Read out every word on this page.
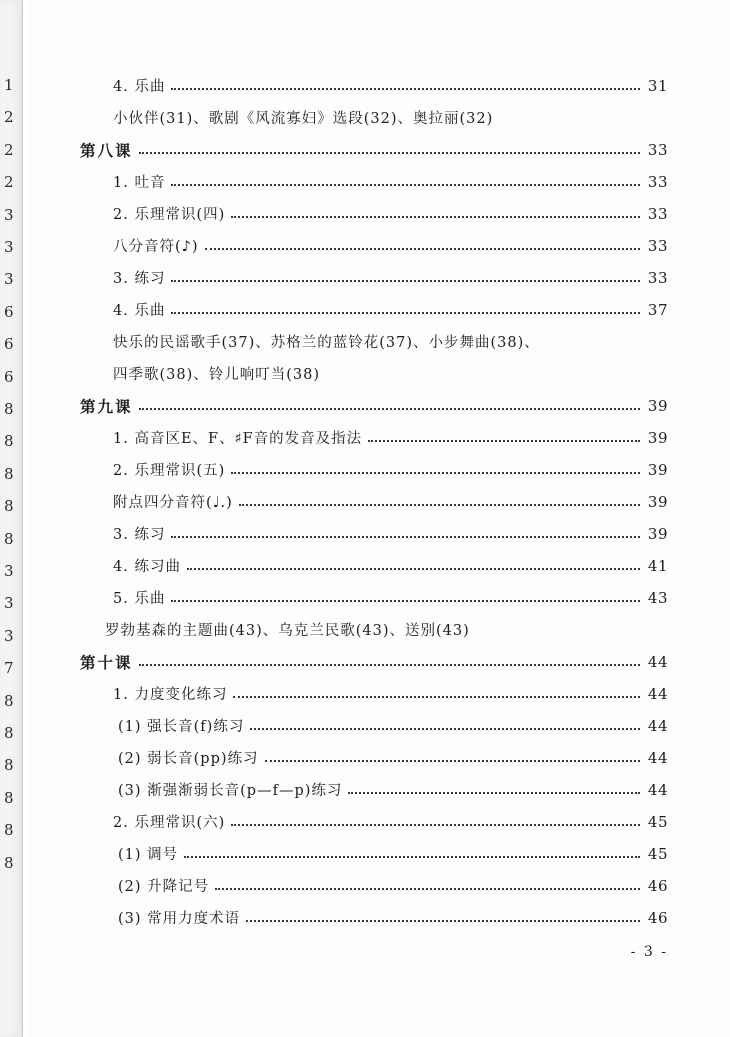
1
2
2
2
3
3
3
6
6
6
8
8
8
8
8
3
3
3
7
8
8
8
8
8
8
- 3 -
4. 乐曲	31
小伙伴(31)、歌剧《风流寡妇》选段(32)、奥拉丽(32)
第八课	33
1. 吐音	33
2. 乐理常识(四)	33
八分音符(♪)	33
3. 练习	33
4. 乐曲	37
快乐的民谣歌手(37)、苏格兰的蓝铃花(37)、小步舞曲(38)、
四季歌(38)、铃儿响叮当(38)
第九课	39
1. 高音区E、F、♯F音的发音及指法	39
2. 乐理常识(五)	39
附点四分音符(♩.)	39
3. 练习	39
4. 练习曲	41
5. 乐曲	43
罗勃基森的主题曲(43)、乌克兰民歌(43)、送别(43)
第十课	44
1. 力度变化练习	44
(1) 强长音(f)练习	44
(2) 弱长音(pp)练习	44
(3) 渐强渐弱长音(p—f—p)练习	44
2. 乐理常识(六)	45
(1) 调号	45
(2) 升降记号	46
(3) 常用力度术语	46
